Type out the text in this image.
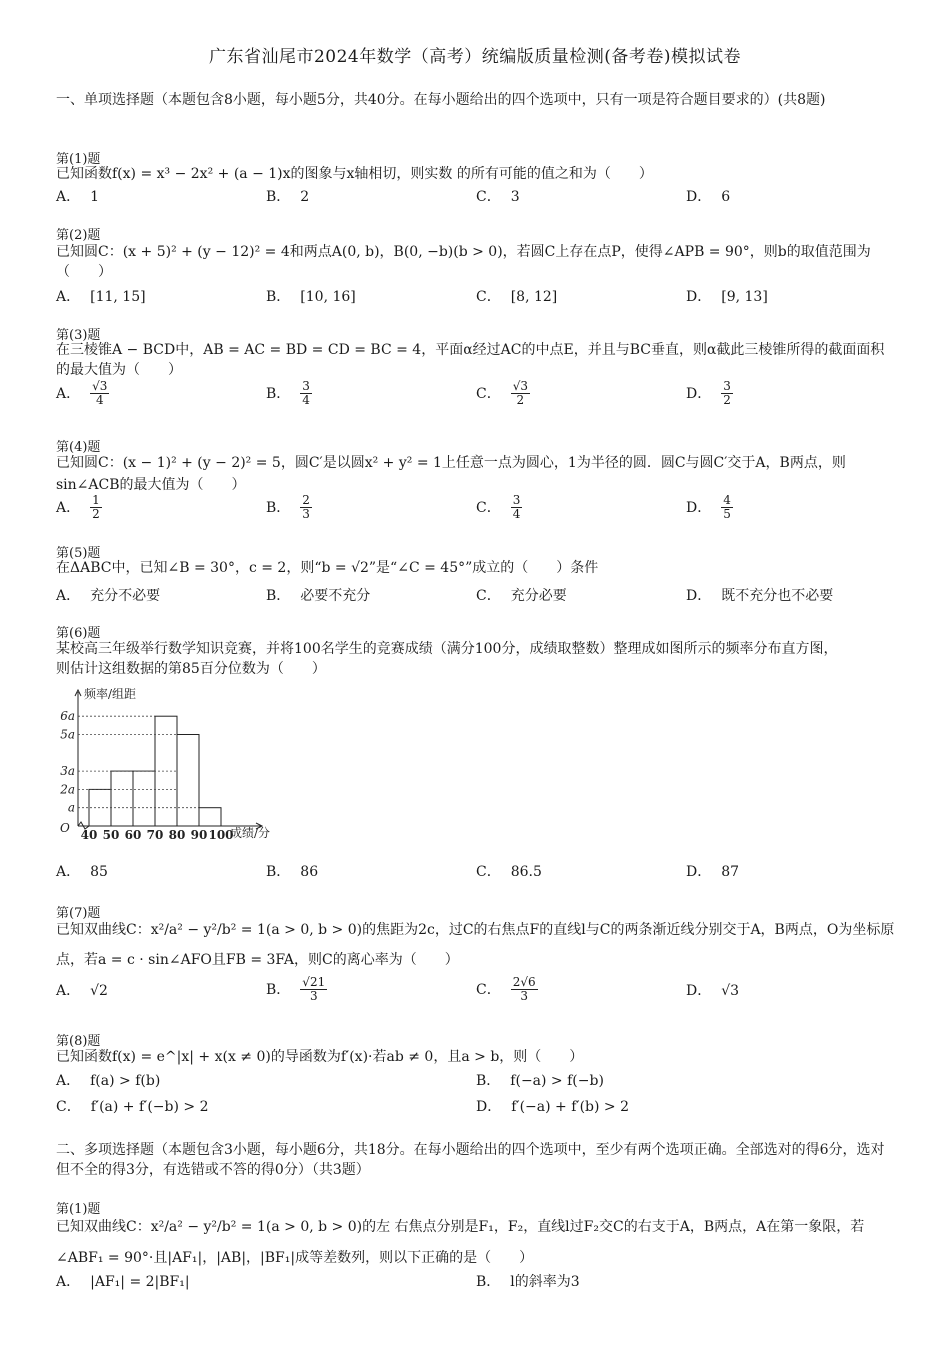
广东省汕尾市2024年数学（高考）统编版质量检测(备考卷)模拟试卷
一、单项选择题（本题包含8小题，每小题5分，共40分。在每小题给出的四个选项中，只有一项是符合题目要求的）(共8题)
第(1)题
已知函数f(x) = x³ − 2x² + (a − 1)x的图象与x轴相切，则实数 的所有可能的值之和为（　　）
A． 1	B． 2	C． 3	D． 6
第(2)题
已知圆C：(x + 5)² + (y − 12)² = 4和两点A(0, b)，B(0, −b)(b > 0)，若圆C上存在点P，使得∠APB = 90°，则b的取值范围为（　　）
A． [11, 15]	B． [10, 16]	C． [8, 12]	D． [9, 13]
第(3)题
在三棱锥A − BCD中，AB = AC = BD = CD = BC = 4，平面α经过AC的中点E，并且与BC垂直，则α截此三棱锥所得的截面面积
的最大值为（　　）
A． $\frac{√3}{4}$	B． $\frac{3}{4}$	C． $\frac{√3}{2}$	D． $\frac{3}{2}$
第(4)题
已知圆C：(x − 1)² + (y − 2)² = 5，圆C′是以圆x² + y² = 1上任意一点为圆心，1为半径的圆．圆C与圆C′交于A，B两点，则
sin∠ACB的最大值为（　　）
A． $\frac{1}{2}$	B． $\frac{2}{3}$	C． $\frac{3}{4}$	D． $\frac{4}{5}$
第(5)题
在ΔABC中，已知∠B = 30°，c = 2，则“b = √2”是“∠C = 45°”成立的（　　）条件
A． 充分不必要	B． 必要不充分	C． 充分必要	D． 既不充分也不必要
第(6)题
某校高三年级举行数学知识竞赛，并将100名学生的竞赛成绩（满分100分，成绩取整数）整理成如图所示的频率分布直方图，
则估计这组数据的第85百分位数为（　　）
频率/组距
成绩/分
O
a
2a
3a
5a
6a
40 50 60 70 80 90 100
A． 85	B． 86	C． 86.5	D． 87
第(7)题
已知双曲线C：x²/a² − y²/b² = 1(a > 0, b > 0)的焦距为2c，过C的右焦点F的直线l与C的两条渐近线分别交于A，B两点，O为坐标原
点，若a = c · sin∠AFO且FB = 3FA，则C的离心率为（　　）
A． √2	B． $\frac{√21}{3}$	C． $\frac{2√6}{3}$	D． √3
第(8)题
已知函数f(x) = e^|x| + x(x ≠ 0)的导函数为f′(x)·若ab ≠ 0，且a > b，则（　　）
A． f(a) > f(b)	B． f(−a) > f(−b)
C． f′(a) + f′(−b) > 2	D． f′(−a) + f′(b) > 2
二、多项选择题（本题包含3小题，每小题6分，共18分。在每小题给出的四个选项中，至少有两个选项正确。全部选对的得6分，选对但不全的得3分，有选错或不答的得0分）（共3题）
第(1)题
已知双曲线C：x²/a² − y²/b² = 1(a > 0, b > 0)的左 右焦点分别是F₁，F₂，直线l过F₂交C的右支于A，B两点，A在第一象限，若
∠ABF₁ = 90°·且|AF₁|，|AB|，|BF₁|成等差数列，则以下正确的是（　　）
A． |AF₁| = 2|BF₁|	B． l的斜率为3
